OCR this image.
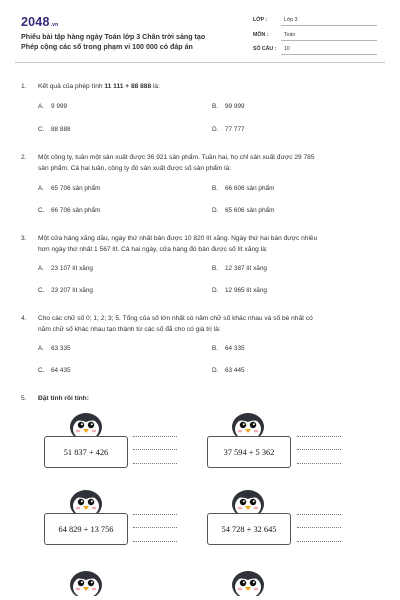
2048.vn
Phiếu bài tập hàng ngày Toán lớp 3 Chân trời sáng tạo
Phép cộng các số trong phạm vi 100 000 có đáp án
LỚP :	Lớp 3
MÔN :	Toán
SỐ CÂU : 10
1. Kết quả của phép tính 11 111 + 88 888 là:
A. 9 999	B. 99 999
C. 88 888	D. 77 777
2. Một công ty, tuần một sản xuất được 36 921 sản phẩm. Tuần hai, họ chỉ sản xuất được 29 785
sản phẩm. Cả hai tuần, công ty đó sản xuất được số sản phẩm là:
A. 65 706 sản phẩm	B. 66 606 sản phẩm
C. 66 706 sản phẩm	D. 65 606 sản phẩm
3. Một cửa hàng xăng dầu, ngày thứ nhất bán được 10 820 lít xăng. Ngày thứ hai bán được nhiều
hơn ngày thứ nhất 1 567 lít. Cả hai ngày, cửa hàng đó bán được số lít xăng là:
A. 23 107 lít xăng	B. 12 387 lít xăng
C. 23 207 lít xăng	D. 12 965 lít xăng
4. Cho các chữ số 0; 1; 2; 3; 5. Tổng của số lớn nhất có năm chữ số khác nhau và số bé nhất có
năm chữ số khác nhau tạo thành từ các số đã cho có giá trị là:
A. 63 335	B. 64 335
C. 64 435	D. 63 445
5. Đặt tính rồi tính:
51 837 + 426	37 594 + 5 362
64 829 + 13 756	54 728 + 32 645
